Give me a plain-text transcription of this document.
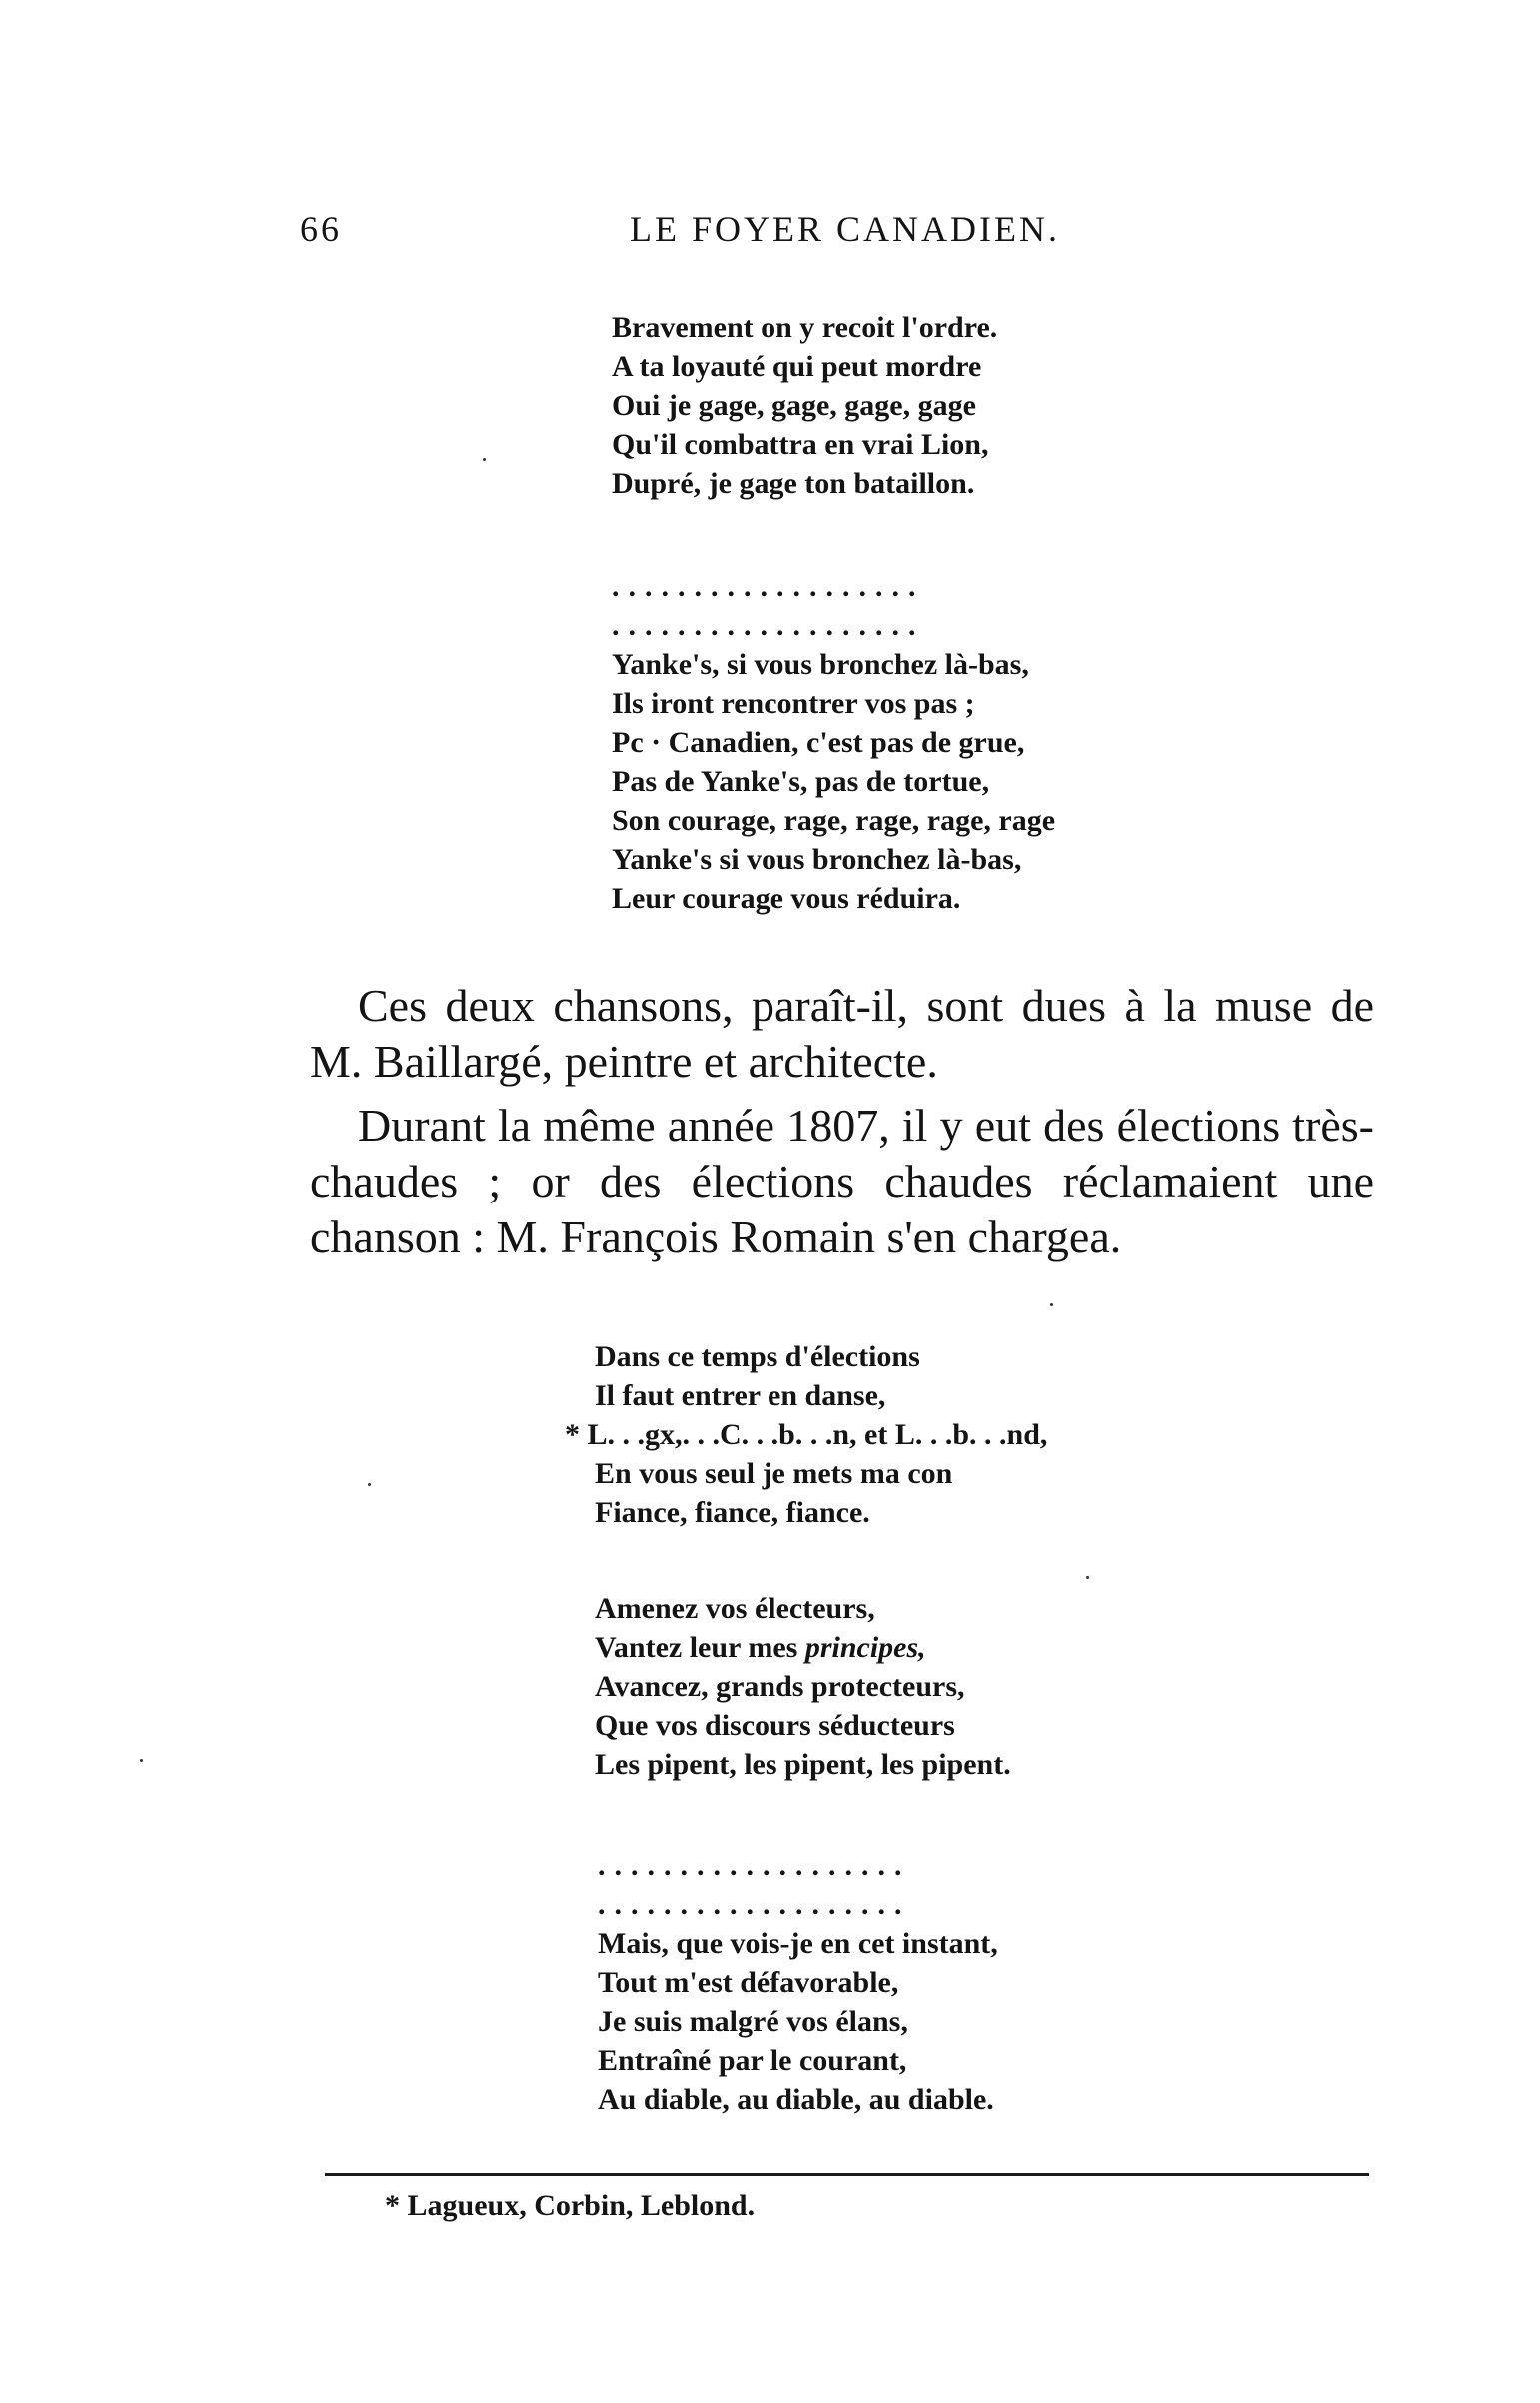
66	LE FOYER CANADIEN.
Bravement on y recoit l'ordre.
A ta loyauté qui peut mordre
Oui je gage, gage, gage, gage
Qu'il combattra en vrai Lion,
Dupré, je gage ton bataillon.
...................
...................
Yanke's, si vous bronchez là-bas,
Ils iront rencontrer vos pas ;
Pc · Canadien, c'est pas de grue,
Pas de Yanke's, pas de tortue,
Son courage, rage, rage, rage, rage
Yanke's si vous bronchez là-bas,
Leur courage vous réduira.
Ces deux chansons, paraît-il, sont dues à la muse de M. Baillargé, peintre et architecte.
Durant la même année 1807, il y eut des élections très-chaudes ; or des élections chaudes réclamaient une chanson : M. François Romain s'en chargea.
Dans ce temps d'élections
Il faut entrer en danse,
* L. . .gx,. . .C. . .b. . .n, et L. . .b. . .nd,
En vous seul je mets ma con
Fiance, fiance, fiance.
Amenez vos électeurs,
Vantez leur mes principes,
Avancez, grands protecteurs,
Que vos discours séducteurs
Les pipent, les pipent, les pipent.
...................
...................
Mais, que vois-je en cet instant,
Tout m'est défavorable,
Je suis malgré vos élans,
Entraîné par le courant,
Au diable, au diable, au diable.
* Lagueux, Corbin, Leblond.
